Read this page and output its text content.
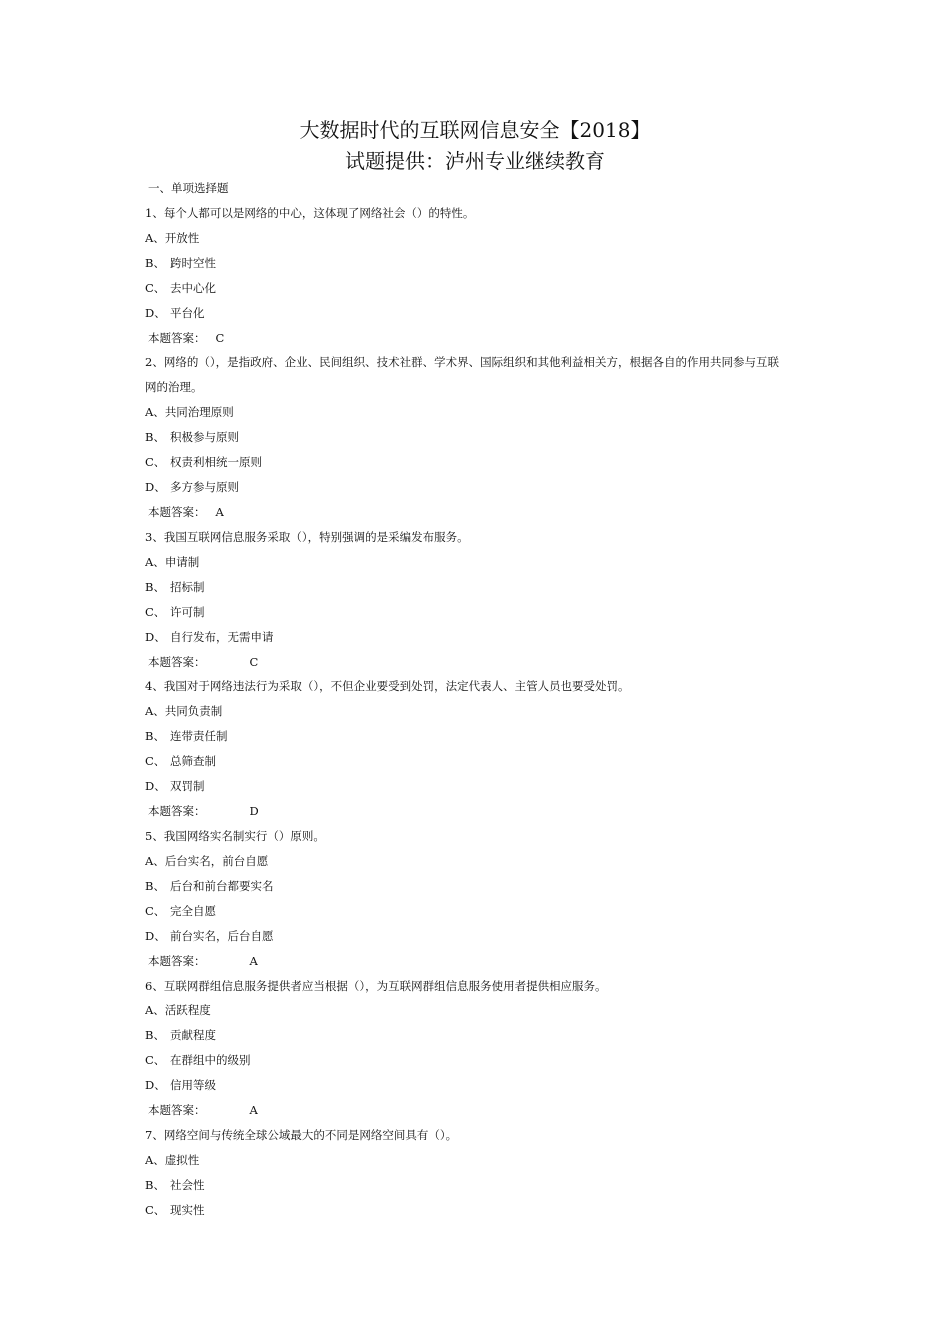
大数据时代的互联网信息安全【2018】
试题提供：泸州专业继续教育
一、单项选择题
1、每个人都可以是网络的中心，这体现了网络社会（）的特性。
A、开放性
B、 跨时空性
C、 去中心化
D、 平台化
本题答案： C
2、网络的（），是指政府、企业、民间组织、技术社群、学术界、国际组织和其他利益相关方，根据各自的作用共同参与互联
网的治理。
A、共同治理原则
B、 积极参与原则
C、 权责利相统一原则
D、 多方参与原则
本题答案： A
3、我国互联网信息服务采取（），特别强调的是采编发布服务。
A、申请制
B、 招标制
C、 许可制
D、 自行发布，无需申请
本题答案：	C
4、我国对于网络违法行为采取（），不但企业要受到处罚，法定代表人、主管人员也要受处罚。
A、共同负责制
B、 连带责任制
C、 总筛查制
D、 双罚制
本题答案：	D
5、我国网络实名制实行（）原则。
A、后台实名，前台自愿
B、 后台和前台都要实名
C、 完全自愿
D、 前台实名，后台自愿
本题答案：	A
6、互联网群组信息服务提供者应当根据（），为互联网群组信息服务使用者提供相应服务。
A、活跃程度
B、 贡献程度
C、 在群组中的级别
D、 信用等级
本题答案：	A
7、网络空间与传统全球公域最大的不同是网络空间具有（）。
A、虚拟性
B、 社会性
C、 现实性
